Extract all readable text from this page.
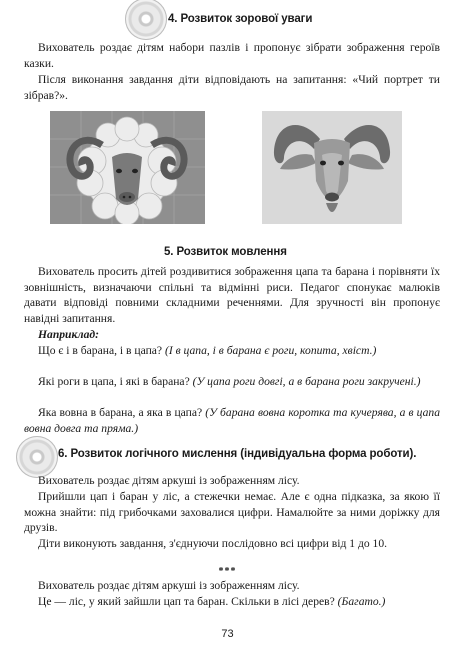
4. Розвиток зорової уваги

Вихователь роздає дітям набори пазлів і пропонує зібрати зображення героїв казки.

Після виконання завдання діти відповідають на запитання: «Чий портрет ти зібрав?».

5. Розвиток мовлення

Вихователь просить дітей роздивитися зображення цапа та барана і порівняти їх зовнішність, визначаючи спільні та відмінні риси. Педагог спонукає малюків давати відповіді повними складними реченнями. Для зручності він пропонує навідні запитання.

Наприклад:

Що є і в барана, і в цапа? (І в цапа, і в барана є роги, копита, хвіст.)

Які роги в цапа, і які в барана? (У цапа роги довгі, а в барана роги закручені.)

Яка вовна в барана, а яка в цапа? (У барана вовна коротка та кучерява, а в цапа вовна довга та пряма.)

6. Розвиток логічного мислення (індивідуальна форма роботи).

Вихователь роздає дітям аркуші із зображенням лісу.

Прийшли цап і баран у ліс, а стежечки немає. Але є одна підказка, за якою її можна знайти: під грибочками заховалися цифри. Намалюйте за ними доріжку для друзів.

Діти виконують завдання, з'єднуючи послідовно всі цифри від 1 до 10.

***

Вихователь роздає дітям аркуші із зображенням лісу.

Це — ліс, у який зайшли цап та баран. Скільки в лісі дерев? (Багато.)

73
